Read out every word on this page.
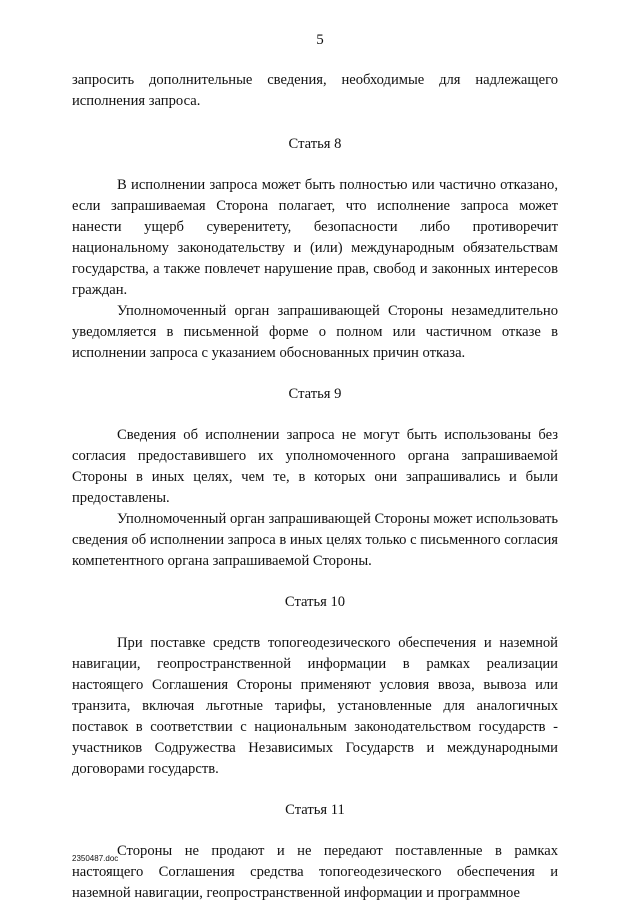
5

запросить дополнительные сведения, необходимые для надлежащего исполнения запроса.

Статья 8

В исполнении запроса может быть полностью или частично отказано, если запрашиваемая Сторона полагает, что исполнение запроса может нанести ущерб суверенитету, безопасности либо противоречит национальному законодательству и (или) международным обязательствам государства, а также повлечет нарушение прав, свобод и законных интересов граждан.

Уполномоченный орган запрашивающей Стороны незамедлительно уведомляется в письменной форме о полном или частичном отказе в исполнении запроса с указанием обоснованных причин отказа.

Статья 9

Сведения об исполнении запроса не могут быть использованы без согласия предоставившего их уполномоченного органа запрашиваемой Стороны в иных целях, чем те, в которых они запрашивались и были предоставлены.

Уполномоченный орган запрашивающей Стороны может использовать сведения об исполнении запроса в иных целях только с письменного согласия компетентного органа запрашиваемой Стороны.

Статья 10

При поставке средств топогеодезического обеспечения и наземной навигации, геопространственной информации в рамках реализации настоящего Соглашения Стороны применяют условия ввоза, вывоза или транзита, включая льготные тарифы, установленные для аналогичных поставок в соответствии с национальным законодательством государств - участников Содружества Независимых Государств и международными договорами государств.

Статья 11

Стороны не продают и не передают поставленные в рамках настоящего Соглашения средства топогеодезического обеспечения и наземной навигации, геопространственной информации и программное

2350487.doc
